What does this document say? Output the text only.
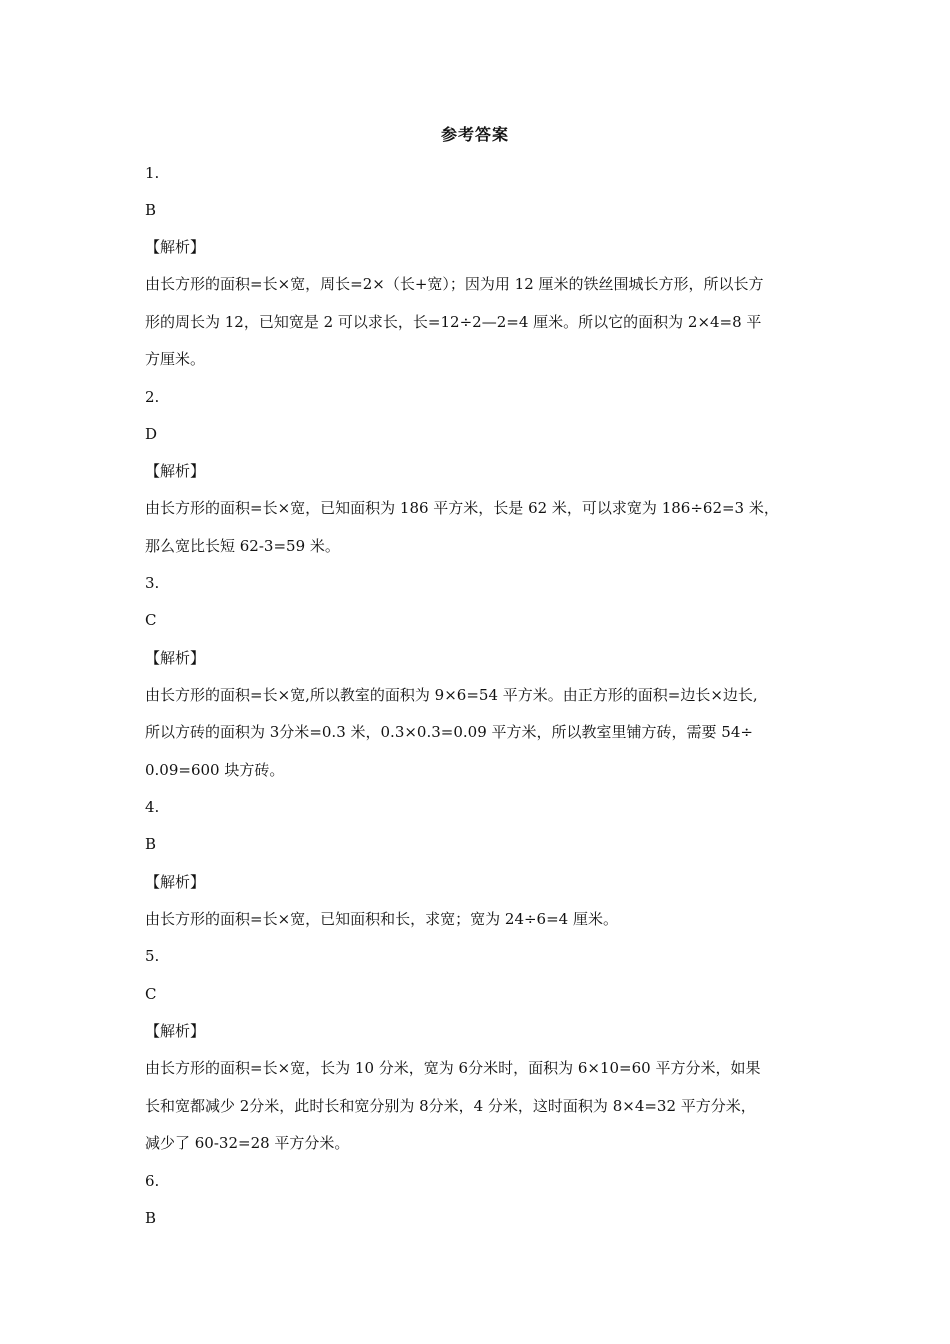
参考答案
1.
B
【解析】
由长方形的面积=长×宽，周长=2×（长+宽）；因为用 12 厘米的铁丝围城长方形，所以长方
形的周长为 12，已知宽是 2 可以求长，长=12÷2—2=4 厘米。所以它的面积为 2×4=8 平
方厘米。
2.
D
【解析】
由长方形的面积=长×宽，已知面积为 186 平方米，长是 62 米，可以求宽为 186÷62=3 米，
那么宽比长短 62-3=59 米。
3.
C
【解析】
由长方形的面积=长×宽,所以教室的面积为 9×6=54 平方米。由正方形的面积=边长×边长,
所以方砖的面积为 3分米=0.3 米，0.3×0.3=0.09 平方米，所以教室里铺方砖，需要 54÷
0.09=600 块方砖。
4.
B
【解析】
由长方形的面积=长×宽，已知面积和长，求宽；宽为 24÷6=4 厘米。
5.
C
【解析】
由长方形的面积=长×宽，长为 10 分米，宽为 6分米时，面积为 6×10=60 平方分米，如果
长和宽都减少 2分米，此时长和宽分别为 8分米，4 分米，这时面积为 8×4=32 平方分米，
减少了 60-32=28 平方分米。
6.
B
